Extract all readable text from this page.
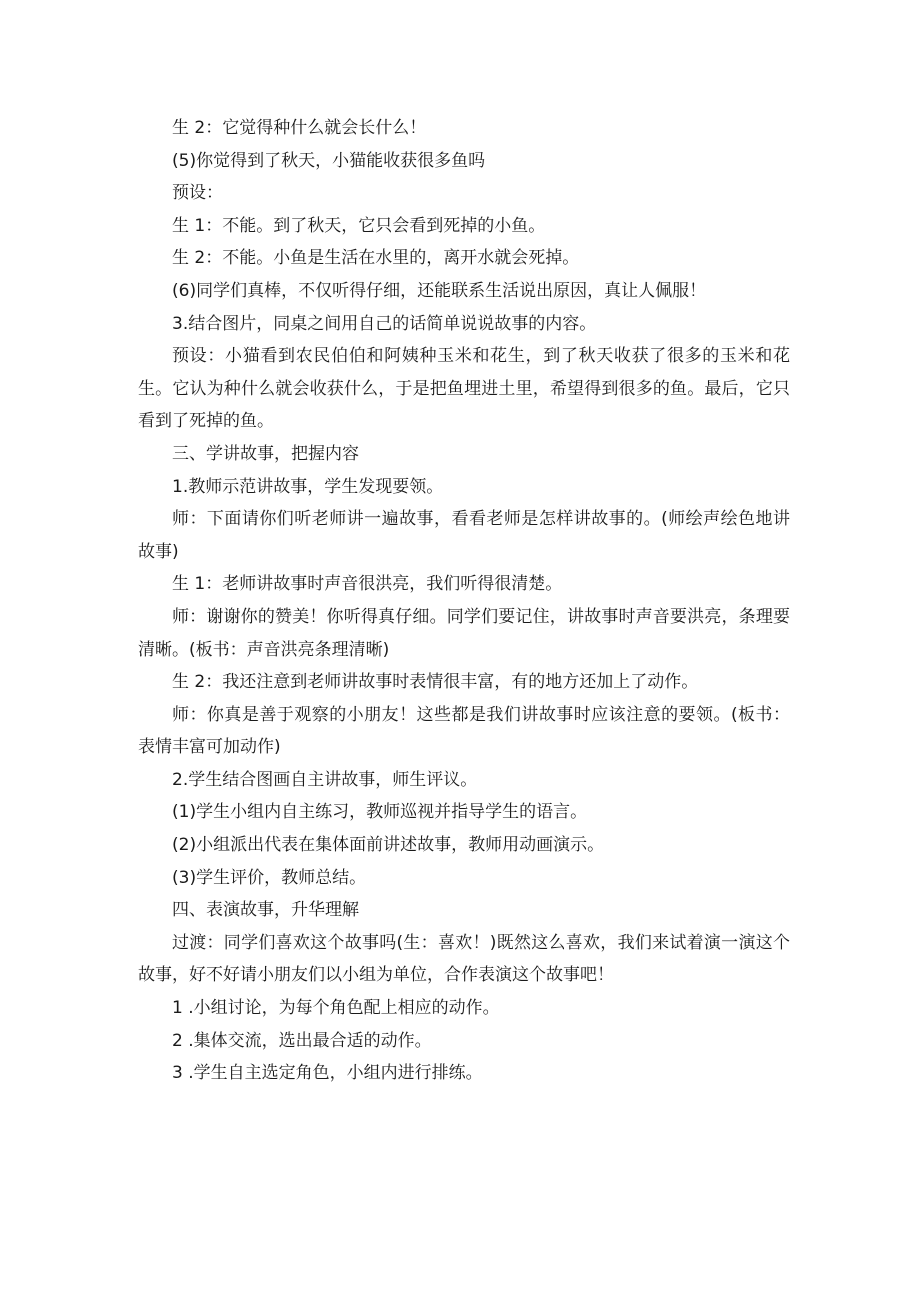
生 2：它觉得种什么就会长什么！

(5)你觉得到了秋天，小猫能收获很多鱼吗

预设：

生 1：不能。到了秋天，它只会看到死掉的小鱼。

生 2：不能。小鱼是生活在水里的，离开水就会死掉。

(6)同学们真棒，不仅听得仔细，还能联系生活说出原因，真让人佩服！

3.结合图片，同桌之间用自己的话简单说说故事的内容。

预设：小猫看到农民伯伯和阿姨种玉米和花生，到了秋天收获了很多的玉米和花生。它认为种什么就会收获什么，于是把鱼埋进土里，希望得到很多的鱼。最后，它只看到了死掉的鱼。

三、学讲故事，把握内容

1.教师示范讲故事，学生发现要领。

师：下面请你们听老师讲一遍故事，看看老师是怎样讲故事的。(师绘声绘色地讲故事)

生 1：老师讲故事时声音很洪亮，我们听得很清楚。

师：谢谢你的赞美！你听得真仔细。同学们要记住，讲故事时声音要洪亮，条理要清晰。(板书：声音洪亮条理清晰)

生 2：我还注意到老师讲故事时表情很丰富，有的地方还加上了动作。

师：你真是善于观察的小朋友！这些都是我们讲故事时应该注意的要领。(板书：表情丰富可加动作)

2.学生结合图画自主讲故事，师生评议。

(1)学生小组内自主练习，教师巡视并指导学生的语言。

(2)小组派出代表在集体面前讲述故事，教师用动画演示。

(3)学生评价，教师总结。

四、表演故事，升华理解

过渡：同学们喜欢这个故事吗(生：喜欢！)既然这么喜欢，我们来试着演一演这个故事，好不好请小朋友们以小组为单位，合作表演这个故事吧！

1 .小组讨论，为每个角色配上相应的动作。

2 .集体交流，选出最合适的动作。

3 .学生自主选定角色，小组内进行排练。
